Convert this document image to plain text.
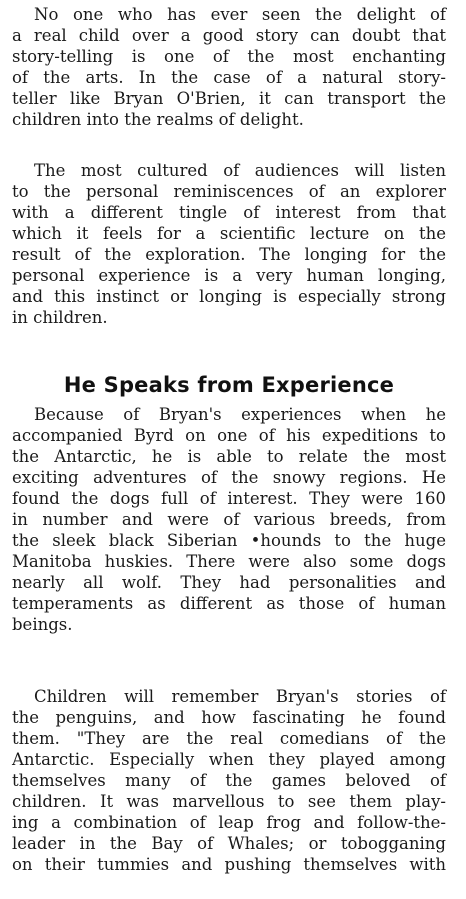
No one who has ever seen the delight of
a real child over a good story can doubt that
story-telling is one of the most enchanting
of the arts. In the case of a natural story-
teller like Bryan O'Brien, it can transport the
children into the realms of delight.

The most cultured of audiences will listen
to the personal reminiscences of an explorer
with a different tingle of interest from that
which it feels for a scientific lecture on the
result of the exploration. The longing for the
personal experience is a very human longing,
and this instinct or longing is especially strong
in children.

He Speaks from Experience

Because of Bryan's experiences when he
accompanied Byrd on one of his expeditions to
the Antarctic, he is able to relate the most
exciting adventures of the snowy regions. He
found the dogs full of interest. They were 160
in number and were of various breeds, from
the sleek black Siberian •hounds to the huge
Manitoba huskies. There were also some dogs
nearly all wolf. They had personalities and
temperaments as different as those of human
beings.

Children will remember Bryan's stories of
the penguins, and how fascinating he found
them. "They are the real comedians of the
Antarctic. Especially when they played among
themselves many of the games beloved of
children. It was marvellous to see them play-
ing a combination of leap frog and follow-the-
leader in the Bay of Whales; or tobogganing
on their tummies and pushing themselves with
